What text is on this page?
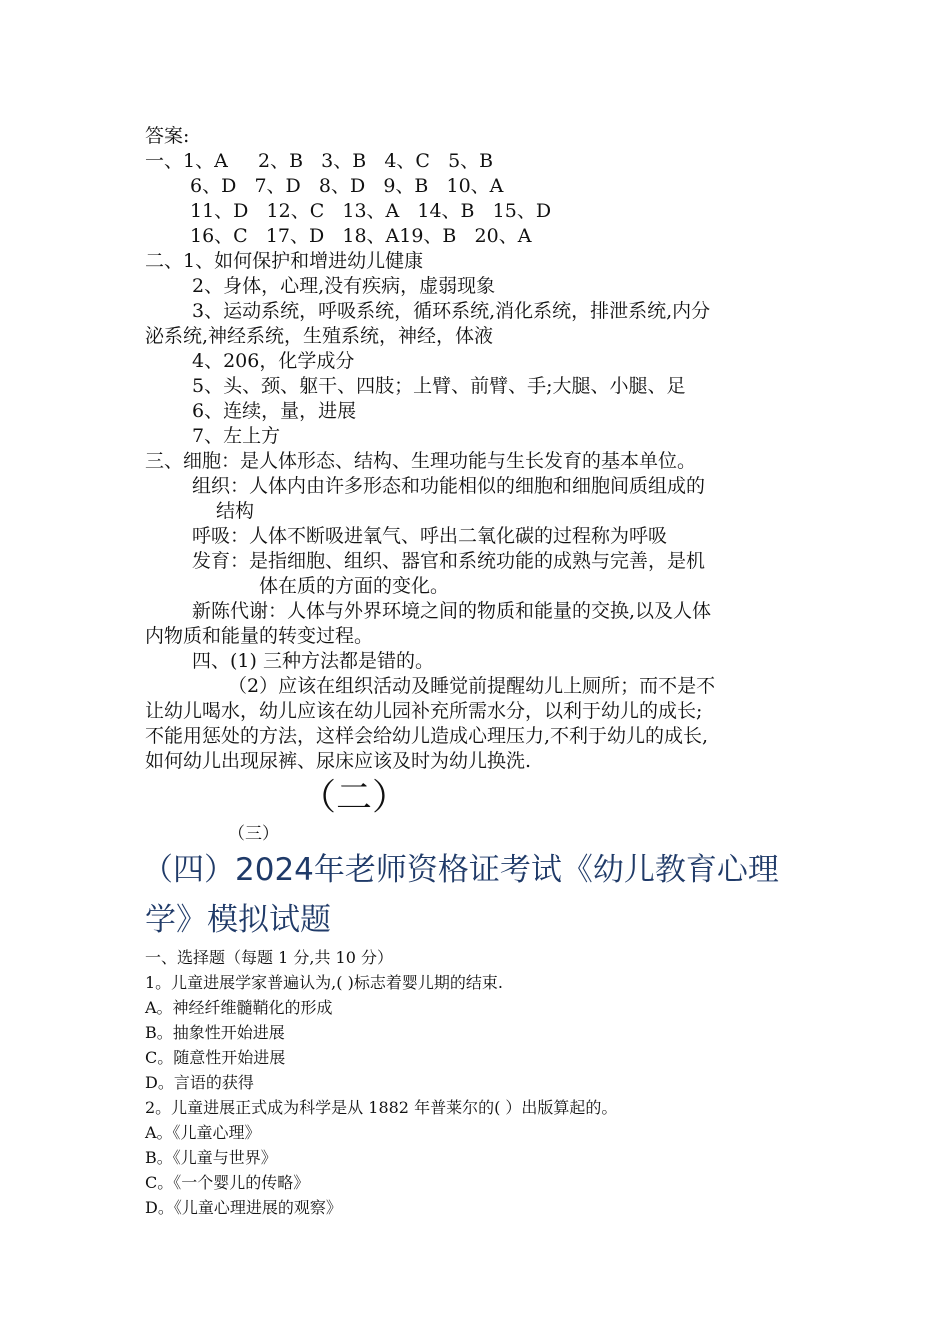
答案:
一、1、A     2、B   3、B   4、C   5、B
6、D   7、D   8、D   9、B   10、A
11、D   12、C   13、A   14、B   15、D
16、C   17、D   18、A19、B   20、A
二、1、如何保护和增进幼儿健康
2、身体，心理,没有疾病，虚弱现象
3、运动系统，呼吸系统，循环系统,消化系统，排泄系统,内分
泌系统,神经系统，生殖系统，神经，体液
4、206，化学成分
5、头、颈、躯干、四肢；上臂、前臂、手;大腿、小腿、足
6、连续，量，进展
7、左上方
三、细胞：是人体形态、结构、生理功能与生长发育的基本单位。
组织：人体内由许多形态和功能相似的细胞和细胞间质组成的
结构
呼吸：人体不断吸进氧气、呼出二氧化碳的过程称为呼吸
发育：是指细胞、组织、器官和系统功能的成熟与完善，是机
体在质的方面的变化。
新陈代谢：人体与外界环境之间的物质和能量的交换,以及人体
内物质和能量的转变过程。
四、(1) 三种方法都是错的。
（2）应该在组织活动及睡觉前提醒幼儿上厕所；而不是不
让幼儿喝水，幼儿应该在幼儿园补充所需水分，以利于幼儿的成长;
不能用惩处的方法，这样会给幼儿造成心理压力,不利于幼儿的成长,
如何幼儿出现尿裤、尿床应该及时为幼儿换洗.
（二）
（三）
（四）2024年老师资格证考试《幼儿教育心理
学》模拟试题
一、选择题（每题 1 分,共 10 分）
1。儿童进展学家普遍认为,( )标志着婴儿期的结束.
A。神经纤维髓鞘化的形成
B。抽象性开始进展
C。随意性开始进展
D。言语的获得
2。儿童进展正式成为科学是从 1882 年普莱尔的( ）出版算起的。
A。《儿童心理》
B。《儿童与世界》
C。《一个婴儿的传略》
D。《儿童心理进展的观察》
